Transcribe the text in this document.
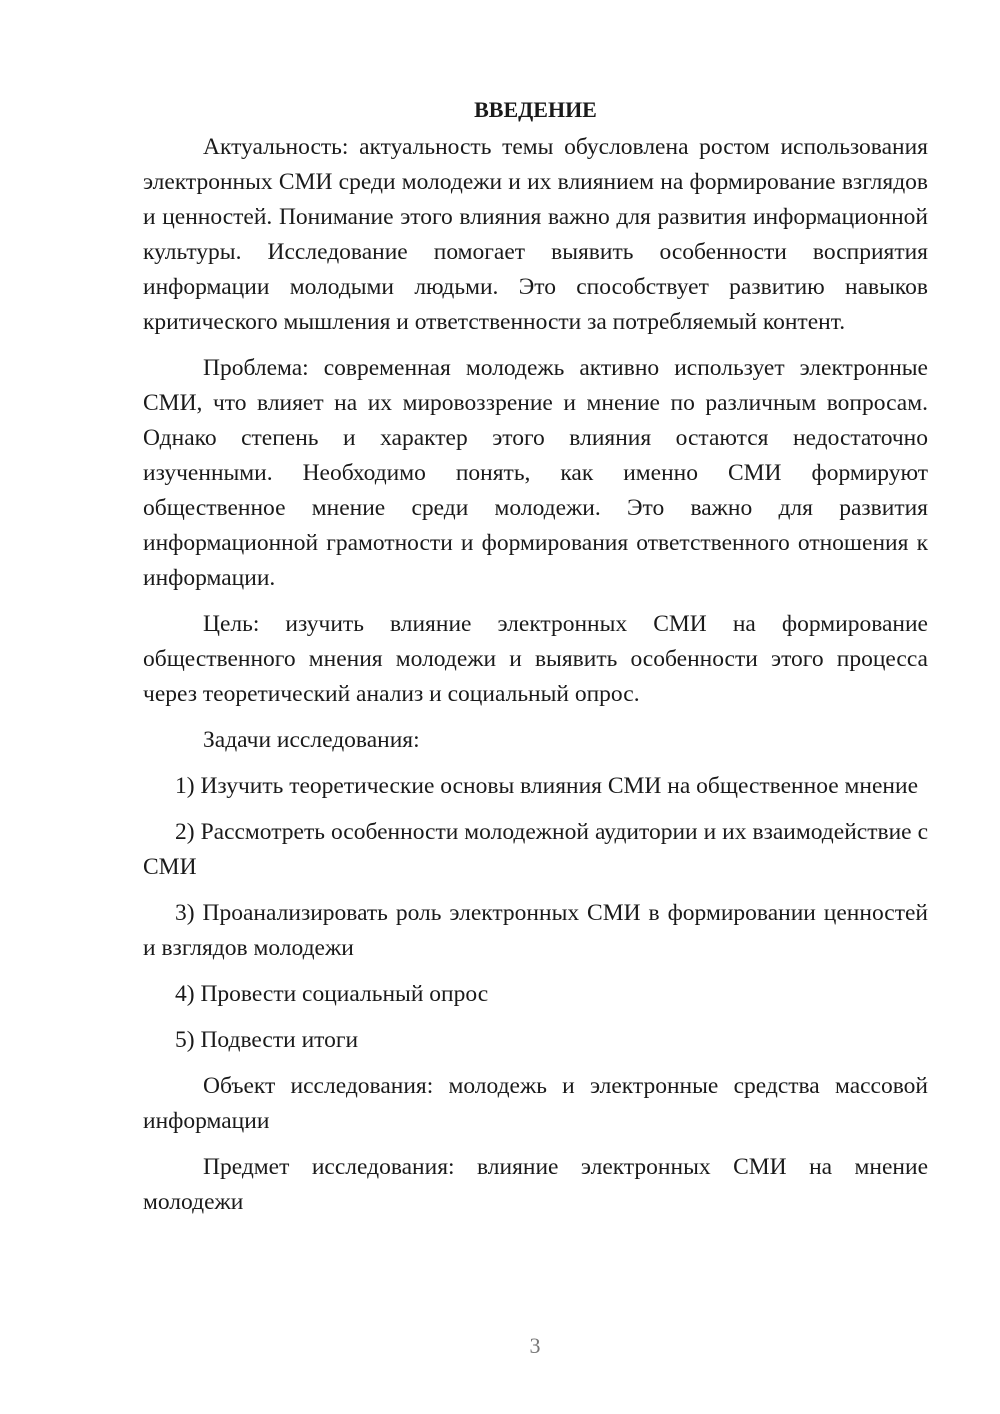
ВВЕДЕНИЕ

Актуальность: актуальность темы обусловлена ростом использования электронных СМИ среди молодежи и их влиянием на формирование взглядов и ценностей. Понимание этого влияния важно для развития информационной культуры. Исследование помогает выявить особенности восприятия информации молодыми людьми. Это способствует развитию навыков критического мышления и ответственности за потребляемый контент.

Проблема: современная молодежь активно использует электронные СМИ, что влияет на их мировоззрение и мнение по различным вопросам. Однако степень и характер этого влияния остаются недостаточно изученными. Необходимо понять, как именно СМИ формируют общественное мнение среди молодежи. Это важно для развития информационной грамотности и формирования ответственного отношения к информации.

Цель: изучить влияние электронных СМИ на формирование общественного мнения молодежи и выявить особенности этого процесса через теоретический анализ и социальный опрос.

Задачи исследования:

1) Изучить теоретические основы влияния СМИ на общественное мнение

2) Рассмотреть особенности молодежной аудитории и их взаимодействие с СМИ

3) Проанализировать роль электронных СМИ в формировании ценностей и взглядов молодежи

4) Провести социальный опрос

5) Подвести итоги

Объект исследования: молодежь и электронные средства массовой информации

Предмет исследования: влияние электронных СМИ на мнение молодежи

3
